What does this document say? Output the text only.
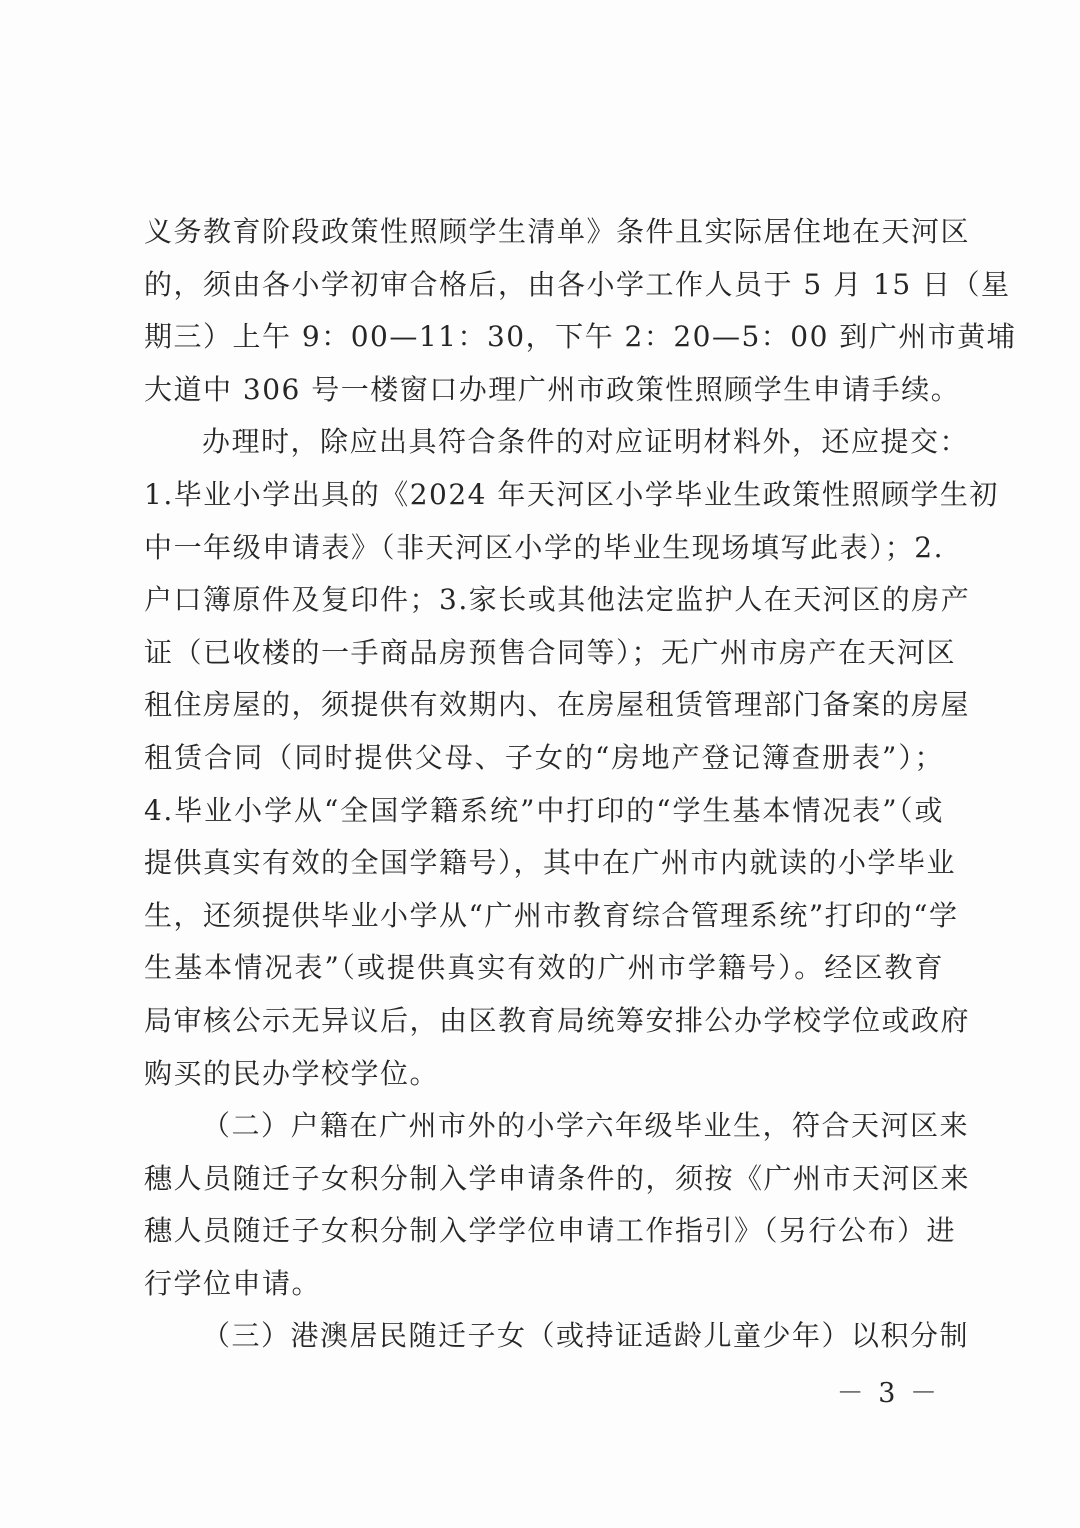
义务教育阶段政策性照顾学生清单》条件且实际居住地在天河区
的，须由各小学初审合格后，由各小学工作人员于 5 月 15 日（星
期三）上午 9：00—11：30，下午 2：20—5：00 到广州市黄埔
大道中 306 号一楼窗口办理广州市政策性照顾学生申请手续。
办理时，除应出具符合条件的对应证明材料外，还应提交：
1.毕业小学出具的《2024 年天河区小学毕业生政策性照顾学生初
中一年级申请表》（非天河区小学的毕业生现场填写此表）；2.
户口簿原件及复印件；3.家长或其他法定监护人在天河区的房产
证（已收楼的一手商品房预售合同等）；无广州市房产在天河区
租住房屋的，须提供有效期内、在房屋租赁管理部门备案的房屋
租赁合同（同时提供父母、子女的“房地产登记簿查册表”）；
4.毕业小学从“全国学籍系统”中打印的“学生基本情况表”（或
提供真实有效的全国学籍号），其中在广州市内就读的小学毕业
生，还须提供毕业小学从“广州市教育综合管理系统”打印的“学
生基本情况表”（或提供真实有效的广州市学籍号）。经区教育
局审核公示无异议后，由区教育局统筹安排公办学校学位或政府
购买的民办学校学位。
（二）户籍在广州市外的小学六年级毕业生，符合天河区来
穗人员随迁子女积分制入学申请条件的，须按《广州市天河区来
穗人员随迁子女积分制入学学位申请工作指引》（另行公布）进
行学位申请。
（三）港澳居民随迁子女（或持证适龄儿童少年）以积分制
－ 3 －
